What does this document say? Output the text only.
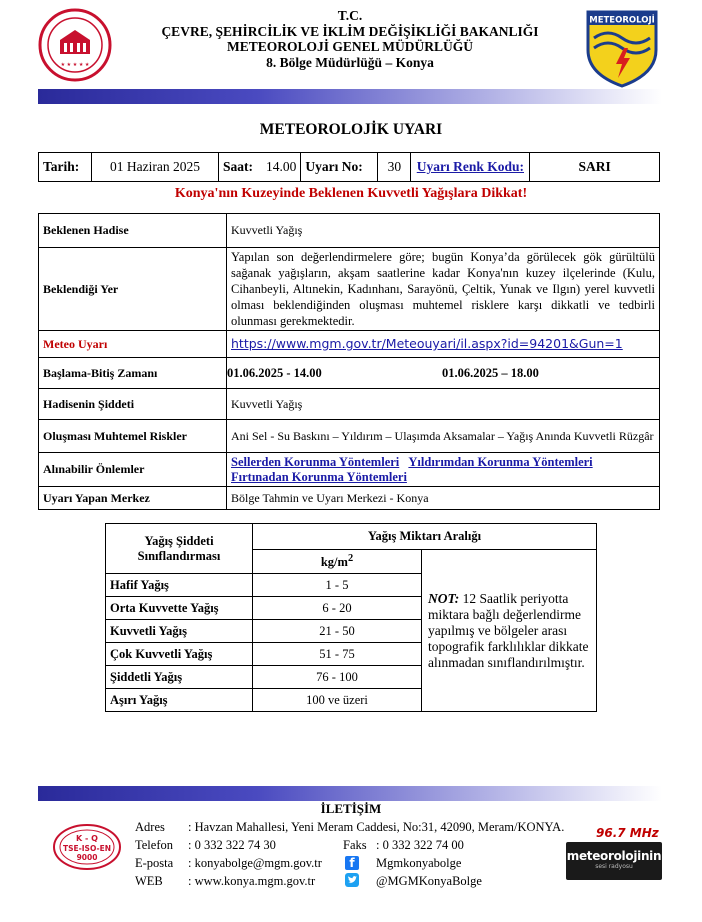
★ ★ ★ ★ ★
T.C.
ÇEVRE, ŞEHİRCİLİK VE İKLİM DEĞİŞİKLİĞİ BAKANLIĞI
METEOROLOJİ GENEL MÜDÜRLÜĞÜ
8. Bölge Müdürlüğü – Konya
METEOROLOJİ
METEOROLOJİK UYARI
Tarih:	01 Haziran 2025	Saat:	14.00	Uyarı No:	30	Uyarı Renk Kodu:	SARI
Konya'nın Kuzeyinde Beklenen Kuvvetli Yağışlara Dikkat!
Beklenen Hadise	Kuvvetli Yağış
Beklendiği Yer	Yapılan son değerlendirmelere göre; bugün Konya’da görülecek gök gürültülü sağanak yağışların, akşam saatlerine kadar Konya'nın kuzey ilçelerinde (Kulu, Cihanbeyli, Altınekin, Kadınhanı, Sarayönü, Çeltik, Yunak ve Ilgın) yerel kuvvetli olması beklendiğinden oluşması muhtemel risklere karşı dikkatli ve tedbirli olunması gerekmektedir.
Meteo Uyarı	https://www.mgm.gov.tr/Meteouyari/il.aspx?id=94201&Gun=1
Başlama-Bitiş Zamanı	01.06.2025 - 14.00 01.06.2025 – 18.00

Hadisenin Şiddeti	Kuvvetli Yağış
Oluşması Muhtemel Riskler	Ani Sel - Su Baskını – Yıldırım – Ulaşımda Aksamalar – Yağış Anında Kuvvetli Rüzgâr
Alınabilir Önlemler	Sellerden Korunma Yöntemleri Yıldırımdan Korunma Yöntemleri
Fırtınadan Korunma Yöntemleri
Uyarı Yapan Merkez	Bölge Tahmin ve Uyarı Merkezi - Konya
Yağış Şiddeti Sınıflandırması	Yağış Miktarı Aralığı	
	$kg/m^2$	NOT: 12 Saatlik periyotta miktara bağlı değerlendirme yapılmış ve bölgeler arası topografik farklılıklar dikkate alınmadan sınıflandırılmıştır.
Hafif Yağış	1 - 5	
Orta Kuvvette Yağış	6 - 20	
Kuvvetli Yağış	21 - 50	
Çok Kuvvetli Yağış	51 - 75	
Şiddetli Yağış	76 - 100	
Aşırı Yağış	100 ve üzeri	
İLETİŞİM
Adres : Havzan Mahallesi, Yeni Meram Caddesi, No:31, 42090, Meram/KONYA.
Telefon : 0 332 322 74 30	Faks : 0 332 322 74 00
E-posta : konyabolge@mgm.gov.tr	f	Mgmkonyabolge
WEB : www.konya.mgm.gov.tr	@MGMKonyaBolge
K - Q
TSE-ISO-EN
9000
96.7 MHz
meteorolojinin
sesi radyosu
